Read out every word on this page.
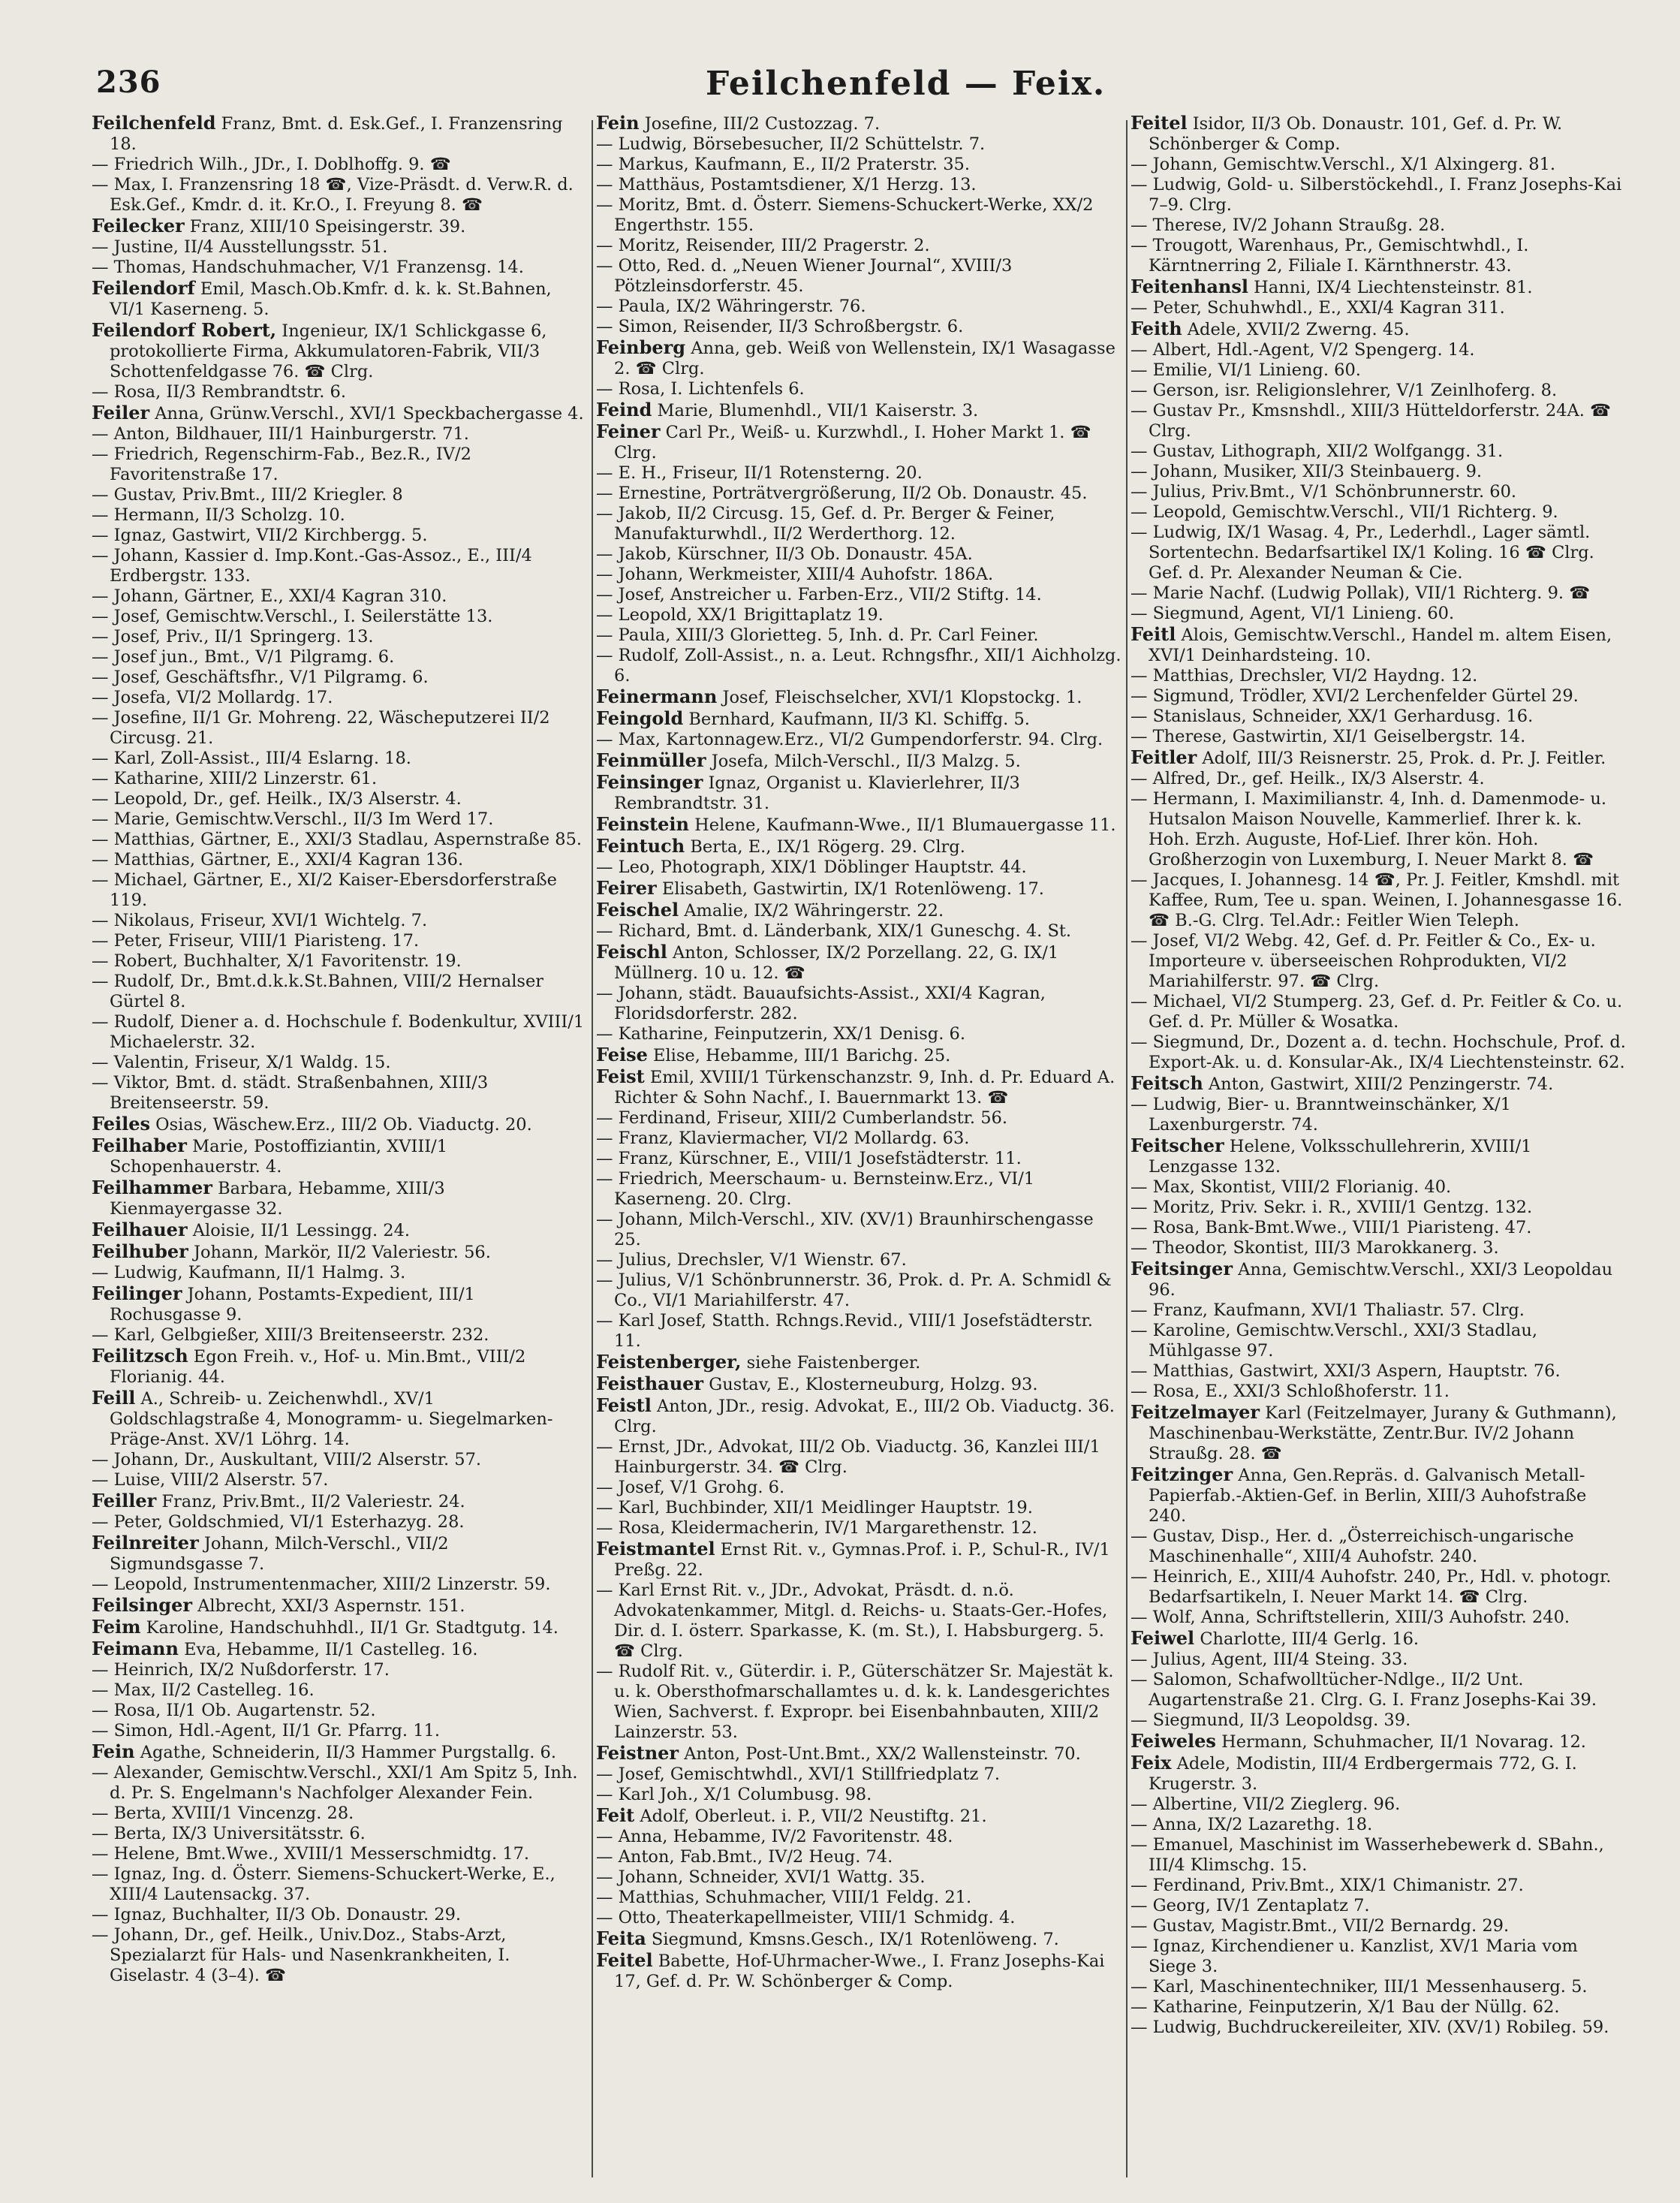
236	Feilchenfeld — Feix.

Feilchenfeld Franz, Bmt. d. Esk.Gef., I. Franzensring 18.

— Friedrich Wilh., JDr., I. Doblhoffg. 9. ☎

— Max, I. Franzensring 18 ☎, Vize-Präsdt. d. Verw.R. d. Esk.Gef., Kmdr. d. it. Kr.O., I. Freyung 8. ☎

Feilecker Franz, XIII/10 Speisingerstr. 39.

— Justine, II/4 Ausstellungsstr. 51.

— Thomas, Handschuhmacher, V/1 Franzensg. 14.

Feilendorf Emil, Masch.Ob.Kmfr. d. k. k. St.Bahnen, VI/1 Kaserneng. 5.

Feilendorf Robert, Ingenieur, IX/1 Schlickgasse 6, protokollierte Firma, Akkumulatoren-Fabrik, VII/3 Schottenfeldgasse 76. ☎ Clrg.

— Rosa, II/3 Rembrandtstr. 6.

Feiler Anna, Grünw.Verschl., XVI/1 Speckbachergasse 4.

— Anton, Bildhauer, III/1 Hainburgerstr. 71.

— Friedrich, Regenschirm-Fab., Bez.R., IV/2 Favoritenstraße 17.

— Gustav, Priv.Bmt., III/2 Kriegler. 8

— Hermann, II/3 Scholzg. 10.

— Ignaz, Gastwirt, VII/2 Kirchbergg. 5.

— Johann, Kassier d. Imp.Kont.-Gas-Assoz., E., III/4 Erdbergstr. 133.

— Johann, Gärtner, E., XXI/4 Kagran 310.

— Josef, Gemischtw.Verschl., I. Seilerstätte 13.

— Josef, Priv., II/1 Springerg. 13.

— Josef jun., Bmt., V/1 Pilgramg. 6.

— Josef, Geschäftsfhr., V/1 Pilgramg. 6.

— Josefa, VI/2 Mollardg. 17.

— Josefine, II/1 Gr. Mohreng. 22, Wäscheputzerei II/2 Circusg. 21.

— Karl, Zoll-Assist., III/4 Eslarng. 18.

— Katharine, XIII/2 Linzerstr. 61.

— Leopold, Dr., gef. Heilk., IX/3 Alserstr. 4.

— Marie, Gemischtw.Verschl., II/3 Im Werd 17.

— Matthias, Gärtner, E., XXI/3 Stadlau, Aspernstraße 85.

— Matthias, Gärtner, E., XXI/4 Kagran 136.

— Michael, Gärtner, E., XI/2 Kaiser-Ebersdorferstraße 119.

— Nikolaus, Friseur, XVI/1 Wichtelg. 7.

— Peter, Friseur, VIII/1 Piaristeng. 17.

— Robert, Buchhalter, X/1 Favoritenstr. 19.

— Rudolf, Dr., Bmt.d.k.k.St.Bahnen, VIII/2 Hernalser Gürtel 8.

— Rudolf, Diener a. d. Hochschule f. Bodenkultur, XVIII/1 Michaelerstr. 32.

— Valentin, Friseur, X/1 Waldg. 15.

— Viktor, Bmt. d. städt. Straßenbahnen, XIII/3 Breitenseerstr. 59.

Feiles Osias, Wäschew.Erz., III/2 Ob. Viaductg. 20.

Feilhaber Marie, Postoffiziantin, XVIII/1 Schopenhauerstr. 4.

Feilhammer Barbara, Hebamme, XIII/3 Kienmayergasse 32.

Feilhauer Aloisie, II/1 Lessingg. 24.

Feilhuber Johann, Markör, II/2 Valeriestr. 56.

— Ludwig, Kaufmann, II/1 Halmg. 3.

Feilinger Johann, Postamts-Expedient, III/1 Rochusgasse 9.

— Karl, Gelbgießer, XIII/3 Breitenseerstr. 232.

Feilitzsch Egon Freih. v., Hof- u. Min.Bmt., VIII/2 Florianig. 44.

Feill A., Schreib- u. Zeichenwhdl., XV/1 Goldschlagstraße 4, Monogramm- u. Siegelmarken-Präge-Anst. XV/1 Löhrg. 14.

— Johann, Dr., Auskultant, VIII/2 Alserstr. 57.

— Luise, VIII/2 Alserstr. 57.

Feiller Franz, Priv.Bmt., II/2 Valeriestr. 24.

— Peter, Goldschmied, VI/1 Esterhazyg. 28.

Feilnreiter Johann, Milch-Verschl., VII/2 Sigmundsgasse 7.

— Leopold, Instrumentenmacher, XIII/2 Linzerstr. 59.

Feilsinger Albrecht, XXI/3 Aspernstr. 151.

Feim Karoline, Handschuhhdl., II/1 Gr. Stadtgutg. 14.

Feimann Eva, Hebamme, II/1 Castelleg. 16.

— Heinrich, IX/2 Nußdorferstr. 17.

— Max, II/2 Castelleg. 16.

— Rosa, II/1 Ob. Augartenstr. 52.

— Simon, Hdl.-Agent, II/1 Gr. Pfarrg. 11.

Fein Agathe, Schneiderin, II/3 Hammer Purgstallg. 6.

— Alexander, Gemischtw.Verschl., XXI/1 Am Spitz 5, Inh. d. Pr. S. Engelmann's Nachfolger Alexander Fein.

— Berta, XVIII/1 Vincenzg. 28.

— Berta, IX/3 Universitätsstr. 6.

— Helene, Bmt.Wwe., XVIII/1 Messerschmidtg. 17.

— Ignaz, Ing. d. Österr. Siemens-Schuckert-Werke, E., XIII/4 Lautensackg. 37.

— Ignaz, Buchhalter, II/3 Ob. Donaustr. 29.

— Johann, Dr., gef. Heilk., Univ.Doz., Stabs-Arzt, Spezialarzt für Hals- und Nasenkrankheiten, I. Giselastr. 4 (3–4). ☎

Fein Josefine, III/2 Custozzag. 7.

— Ludwig, Börsebesucher, II/2 Schüttelstr. 7.

— Markus, Kaufmann, E., II/2 Praterstr. 35.

— Matthäus, Postamtsdiener, X/1 Herzg. 13.

— Moritz, Bmt. d. Österr. Siemens-Schuckert-Werke, XX/2 Engerthstr. 155.

— Moritz, Reisender, III/2 Pragerstr. 2.

— Otto, Red. d. „Neuen Wiener Journal“, XVIII/3 Pötzleinsdorferstr. 45.

— Paula, IX/2 Währingerstr. 76.

— Simon, Reisender, II/3 Schroßbergstr. 6.

Feinberg Anna, geb. Weiß von Wellenstein, IX/1 Wasagasse 2. ☎ Clrg.

— Rosa, I. Lichtenfels 6.

Feind Marie, Blumenhdl., VII/1 Kaiserstr. 3.

Feiner Carl Pr., Weiß- u. Kurzwhdl., I. Hoher Markt 1. ☎ Clrg.

— E. H., Friseur, II/1 Rotensterng. 20.

— Ernestine, Porträtvergrößerung, II/2 Ob. Donaustr. 45.

— Jakob, II/2 Circusg. 15, Gef. d. Pr. Berger & Feiner, Manufakturwhdl., II/2 Werderthorg. 12.

— Jakob, Kürschner, II/3 Ob. Donaustr. 45A.

— Johann, Werkmeister, XIII/4 Auhofstr. 186A.

— Josef, Anstreicher u. Farben-Erz., VII/2 Stiftg. 14.

— Leopold, XX/1 Brigittaplatz 19.

— Paula, XIII/3 Glorietteg. 5, Inh. d. Pr. Carl Feiner.

— Rudolf, Zoll-Assist., n. a. Leut. Rchngsfhr., XII/1 Aichholzg. 6.

Feinermann Josef, Fleischselcher, XVI/1 Klopstockg. 1.

Feingold Bernhard, Kaufmann, II/3 Kl. Schiffg. 5.

— Max, Kartonnagew.Erz., VI/2 Gumpendorferstr. 94. Clrg.

Feinmüller Josefa, Milch-Verschl., II/3 Malzg. 5.

Feinsinger Ignaz, Organist u. Klavierlehrer, II/3 Rembrandtstr. 31.

Feinstein Helene, Kaufmann-Wwe., II/1 Blumauergasse 11.

Feintuch Berta, E., IX/1 Rögerg. 29. Clrg.

— Leo, Photograph, XIX/1 Döblinger Hauptstr. 44.

Feirer Elisabeth, Gastwirtin, IX/1 Rotenlöweng. 17.

Feischel Amalie, IX/2 Währingerstr. 22.

— Richard, Bmt. d. Länderbank, XIX/1 Guneschg. 4. St.

Feischl Anton, Schlosser, IX/2 Porzellang. 22, G. IX/1 Müllnerg. 10 u. 12. ☎

— Johann, städt. Bauaufsichts-Assist., XXI/4 Kagran, Floridsdorferstr. 282.

— Katharine, Feinputzerin, XX/1 Denisg. 6.

Feise Elise, Hebamme, III/1 Barichg. 25.

Feist Emil, XVIII/1 Türkenschanzstr. 9, Inh. d. Pr. Eduard A. Richter & Sohn Nachf., I. Bauernmarkt 13. ☎

— Ferdinand, Friseur, XIII/2 Cumberlandstr. 56.

— Franz, Klaviermacher, VI/2 Mollardg. 63.

— Franz, Kürschner, E., VIII/1 Josefstädterstr. 11.

— Friedrich, Meerschaum- u. Bernsteinw.Erz., VI/1 Kaserneng. 20. Clrg.

— Johann, Milch-Verschl., XIV. (XV/1) Braunhirschengasse 25.

— Julius, Drechsler, V/1 Wienstr. 67.

— Julius, V/1 Schönbrunnerstr. 36, Prok. d. Pr. A. Schmidl & Co., VI/1 Mariahilferstr. 47.

— Karl Josef, Statth. Rchngs.Revid., VIII/1 Josefstädterstr. 11.

Feistenberger, siehe Faistenberger.

Feisthauer Gustav, E., Klosterneuburg, Holzg. 93.

Feistl Anton, JDr., resig. Advokat, E., III/2 Ob. Viaductg. 36. Clrg.

— Ernst, JDr., Advokat, III/2 Ob. Viaductg. 36, Kanzlei III/1 Hainburgerstr. 34. ☎ Clrg.

— Josef, V/1 Grohg. 6.

— Karl, Buchbinder, XII/1 Meidlinger Hauptstr. 19.

— Rosa, Kleidermacherin, IV/1 Margarethenstr. 12.

Feistmantel Ernst Rit. v., Gymnas.Prof. i. P., Schul-R., IV/1 Preßg. 22.

— Karl Ernst Rit. v., JDr., Advokat, Präsdt. d. n.ö. Advokatenkammer, Mitgl. d. Reichs- u. Staats-Ger.-Hofes, Dir. d. I. österr. Sparkasse, K. (m. St.), I. Habsburgerg. 5. ☎ Clrg.

— Rudolf Rit. v., Güterdir. i. P., Güterschätzer Sr. Majestät k. u. k. Obersthofmarschallamtes u. d. k. k. Landesgerichtes Wien, Sachverst. f. Expropr. bei Eisenbahnbauten, XIII/2 Lainzerstr. 53.

Feistner Anton, Post-Unt.Bmt., XX/2 Wallensteinstr. 70.

— Josef, Gemischtwhdl., XVI/1 Stillfriedplatz 7.

— Karl Joh., X/1 Columbusg. 98.

Feit Adolf, Oberleut. i. P., VII/2 Neustiftg. 21.

— Anna, Hebamme, IV/2 Favoritenstr. 48.

— Anton, Fab.Bmt., IV/2 Heug. 74.

— Johann, Schneider, XVI/1 Wattg. 35.

— Matthias, Schuhmacher, VIII/1 Feldg. 21.

— Otto, Theaterkapellmeister, VIII/1 Schmidg. 4.

Feita Siegmund, Kmsns.Gesch., IX/1 Rotenlöweng. 7.

Feitel Babette, Hof-Uhrmacher-Wwe., I. Franz Josephs-Kai 17, Gef. d. Pr. W. Schönberger & Comp.

Feitel Isidor, II/3 Ob. Donaustr. 101, Gef. d. Pr. W. Schönberger & Comp.

— Johann, Gemischtw.Verschl., X/1 Alxingerg. 81.

— Ludwig, Gold- u. Silberstöckehdl., I. Franz Josephs-Kai 7–9. Clrg.

— Therese, IV/2 Johann Straußg. 28.

— Trougott, Warenhaus, Pr., Gemischtwhdl., I. Kärntnerring 2, Filiale I. Kärnthnerstr. 43.

Feitenhansl Hanni, IX/4 Liechtensteinstr. 81.

— Peter, Schuhwhdl., E., XXI/4 Kagran 311.

Feith Adele, XVII/2 Zwerng. 45.

— Albert, Hdl.-Agent, V/2 Spengerg. 14.

— Emilie, VI/1 Linieng. 60.

— Gerson, isr. Religionslehrer, V/1 Zeinlhoferg. 8.

— Gustav Pr., Kmsnshdl., XIII/3 Hütteldorferstr. 24A. ☎ Clrg.

— Gustav, Lithograph, XII/2 Wolfgangg. 31.

— Johann, Musiker, XII/3 Steinbauerg. 9.

— Julius, Priv.Bmt., V/1 Schönbrunnerstr. 60.

— Leopold, Gemischtw.Verschl., VII/1 Richterg. 9.

— Ludwig, IX/1 Wasag. 4, Pr., Lederhdl., Lager sämtl. Sortentechn. Bedarfsartikel IX/1 Koling. 16 ☎ Clrg. Gef. d. Pr. Alexander Neuman & Cie.

— Marie Nachf. (Ludwig Pollak), VII/1 Richterg. 9. ☎

— Siegmund, Agent, VI/1 Linieng. 60.

Feitl Alois, Gemischtw.Verschl., Handel m. altem Eisen, XVI/1 Deinhardsteing. 10.

— Matthias, Drechsler, VI/2 Haydng. 12.

— Sigmund, Trödler, XVI/2 Lerchenfelder Gürtel 29.

— Stanislaus, Schneider, XX/1 Gerhardusg. 16.

— Therese, Gastwirtin, XI/1 Geiselbergstr. 14.

Feitler Adolf, III/3 Reisnerstr. 25, Prok. d. Pr. J. Feitler.

— Alfred, Dr., gef. Heilk., IX/3 Alserstr. 4.

— Hermann, I. Maximilianstr. 4, Inh. d. Damenmode- u. Hutsalon Maison Nouvelle, Kammerlief. Ihrer k. k. Hoh. Erzh. Auguste, Hof-Lief. Ihrer kön. Hoh. Großherzogin von Luxemburg, I. Neuer Markt 8. ☎

— Jacques, I. Johannesg. 14 ☎, Pr. J. Feitler, Kmshdl. mit Kaffee, Rum, Tee u. span. Weinen, I. Johannesgasse 16. ☎ B.-G. Clrg. Tel.Adr.: Feitler Wien Teleph.

— Josef, VI/2 Webg. 42, Gef. d. Pr. Feitler & Co., Ex- u. Importeure v. überseeischen Rohprodukten, VI/2 Mariahilferstr. 97. ☎ Clrg.

— Michael, VI/2 Stumperg. 23, Gef. d. Pr. Feitler & Co. u. Gef. d. Pr. Müller & Wosatka.

— Siegmund, Dr., Dozent a. d. techn. Hochschule, Prof. d. Export-Ak. u. d. Konsular-Ak., IX/4 Liechtensteinstr. 62.

Feitsch Anton, Gastwirt, XIII/2 Penzingerstr. 74.

— Ludwig, Bier- u. Branntweinschänker, X/1 Laxenburgerstr. 74.

Feitscher Helene, Volksschullehrerin, XVIII/1 Lenzgasse 132.

— Max, Skontist, VIII/2 Florianig. 40.

— Moritz, Priv. Sekr. i. R., XVIII/1 Gentzg. 132.

— Rosa, Bank-Bmt.Wwe., VIII/1 Piaristeng. 47.

— Theodor, Skontist, III/3 Marokkanerg. 3.

Feitsinger Anna, Gemischtw.Verschl., XXI/3 Leopoldau 96.

— Franz, Kaufmann, XVI/1 Thaliastr. 57. Clrg.

— Karoline, Gemischtw.Verschl., XXI/3 Stadlau, Mühlgasse 97.

— Matthias, Gastwirt, XXI/3 Aspern, Hauptstr. 76.

— Rosa, E., XXI/3 Schloßhoferstr. 11.

Feitzelmayer Karl (Feitzelmayer, Jurany & Guthmann), Maschinenbau-Werkstätte, Zentr.Bur. IV/2 Johann Straußg. 28. ☎

Feitzinger Anna, Gen.Repräs. d. Galvanisch Metall-Papierfab.-Aktien-Gef. in Berlin, XIII/3 Auhofstraße 240.

— Gustav, Disp., Her. d. „Österreichisch-ungarische Maschinenhalle“, XIII/4 Auhofstr. 240.

— Heinrich, E., XIII/4 Auhofstr. 240, Pr., Hdl. v. photogr. Bedarfsartikeln, I. Neuer Markt 14. ☎ Clrg.

— Wolf, Anna, Schriftstellerin, XIII/3 Auhofstr. 240.

Feiwel Charlotte, III/4 Gerlg. 16.

— Julius, Agent, III/4 Steing. 33.

— Salomon, Schafwolltücher-Ndlge., II/2 Unt. Augartenstraße 21. Clrg. G. I. Franz Josephs-Kai 39.

— Siegmund, II/3 Leopoldsg. 39.

Feiweles Hermann, Schuhmacher, II/1 Novarag. 12.

Feix Adele, Modistin, III/4 Erdbergermais 772, G. I. Krugerstr. 3.

— Albertine, VII/2 Zieglerg. 96.

— Anna, IX/2 Lazarethg. 18.

— Emanuel, Maschinist im Wasserhebewerk d. SBahn., III/4 Klimschg. 15.

— Ferdinand, Priv.Bmt., XIX/1 Chimanistr. 27.

— Georg, IV/1 Zentaplatz 7.

— Gustav, Magistr.Bmt., VII/2 Bernardg. 29.

— Ignaz, Kirchendiener u. Kanzlist, XV/1 Maria vom Siege 3.

— Karl, Maschinentechniker, III/1 Messenhauserg. 5.

— Katharine, Feinputzerin, X/1 Bau der Nüllg. 62.

— Ludwig, Buchdruckereileiter, XIV. (XV/1) Robileg. 59.
